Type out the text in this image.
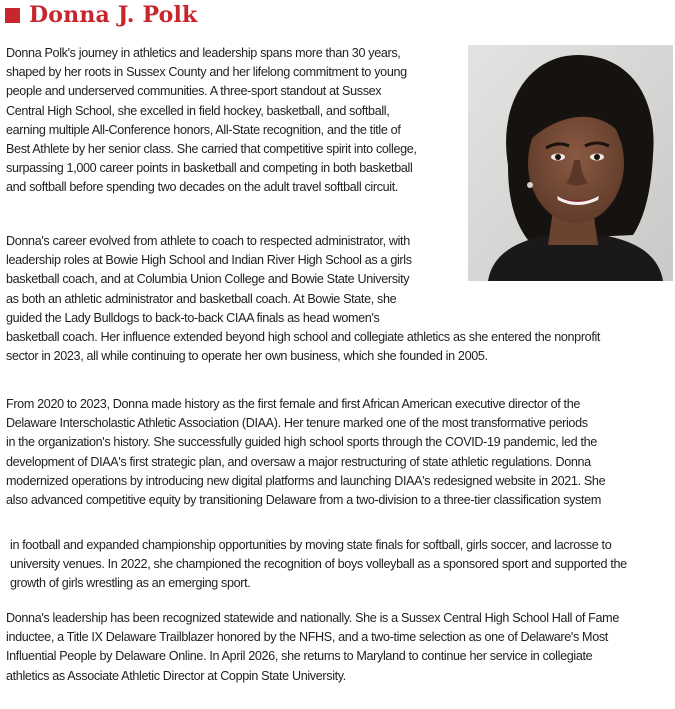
Donna J. Polk
Donna Polk's journey in athletics and leadership spans more than 30 years,
shaped by her roots in Sussex County and her lifelong commitment to young
people and underserved communities. A three-sport standout at Sussex
Central High School, she excelled in field hockey, basketball, and softball,
earning multiple All-Conference honors, All-State recognition, and the title of
Best Athlete by her senior class. She carried that competitive spirit into college,
surpassing 1,000 career points in basketball and competing in both basketball
and softball before spending two decades on the adult travel softball circuit.
Donna's career evolved from athlete to coach to respected administrator, with
leadership roles at Bowie High School and Indian River High School as a girls
basketball coach, and at Columbia Union College and Bowie State University
as both an athletic administrator and basketball coach. At Bowie State, she
guided the Lady Bulldogs to back-to-back CIAA finals as head women's
basketball coach. Her influence extended beyond high school and collegiate athletics as she entered the nonprofit
sector in 2023, all while continuing to operate her own business, which she founded in 2005.
From 2020 to 2023, Donna made history as the first female and first African American executive director of the
Delaware Interscholastic Athletic Association (DIAA). Her tenure marked one of the most transformative periods
in the organization's history. She successfully guided high school sports through the COVID-19 pandemic, led the
development of DIAA's first strategic plan, and oversaw a major restructuring of state athletic regulations. Donna
modernized operations by introducing new digital platforms and launching DIAA's redesigned website in 2021. She
also advanced competitive equity by transitioning Delaware from a two-division to a three-tier classification system
in football and expanded championship opportunities by moving state finals for softball, girls soccer, and lacrosse to
university venues. In 2022, she championed the recognition of boys volleyball as a sponsored sport and supported the
growth of girls wrestling as an emerging sport.
Donna's leadership has been recognized statewide and nationally. She is a Sussex Central High School Hall of Fame
inductee, a Title IX Delaware Trailblazer honored by the NFHS, and a two-time selection as one of Delaware's Most
Influential People by Delaware Online. In April 2026, she returns to Maryland to continue her service in collegiate
athletics as Associate Athletic Director at Coppin State University.
